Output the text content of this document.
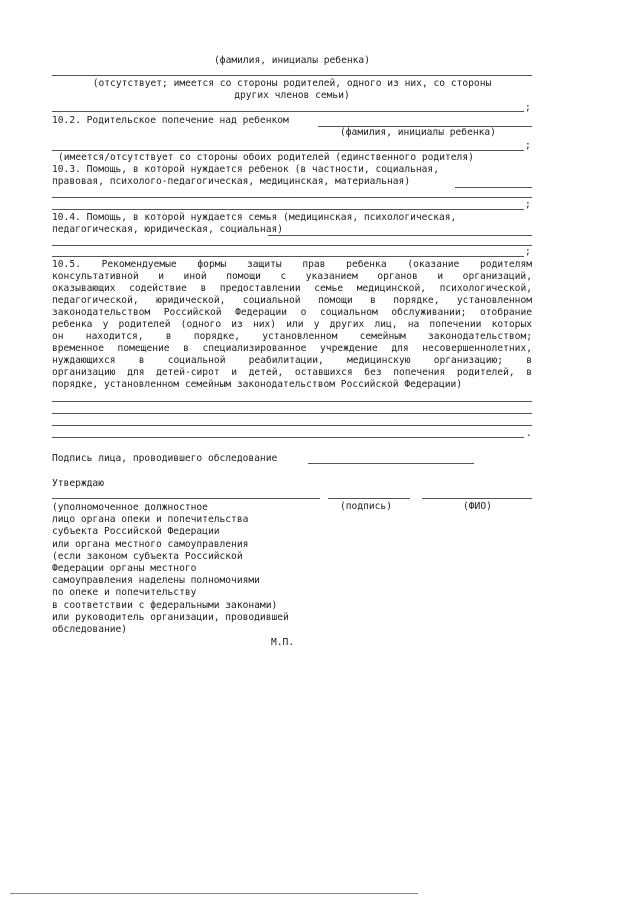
(фамилия, инициалы ребенка)
(отсутствует; имеется со стороны родителей, одного из них, со стороны
других членов семьи)
;
10.2. Родительское попечение над ребенком
(фамилия, инициалы ребенка)
;
(имеется/отсутствует со стороны обоих родителей (единственного родителя)
10.3. Помощь, в которой нуждается ребенок (в частности, социальная,
правовая, психолого-педагогическая, медицинская, материальная)
;
10.4. Помощь, в которой нуждается семья (медицинская, психологическая,
педагогическая, юридическая, социальная)
;
10.5. Рекомендуемые формы защиты прав ребенка (оказание родителям
консультативной и иной помощи с указанием органов и организаций,
оказывающих содействие в предоставлении семье медицинской, психологической,
педагогической, юридической, социальной помощи в порядке, установленном
законодательством Российской Федерации о социальном обслуживании; отобрание
ребенка у родителей (одного из них) или у других лиц, на попечении которых
он находится, в порядке, установленном семейным законодательством;
временное помещение в специализированное учреждение для несовершеннолетних,
нуждающихся в социальной реабилитации, медицинскую организацию; в
организацию для детей-сирот и детей, оставшихся без попечения родителей, в
порядке, установленном семейным законодательством Российской Федерации)
.
Подпись лица, проводившего обследование
Утверждаю
(подпись)	(ФИО)
(уполномоченное должностное
лицо органа опеки и попечительства
субъекта Российской Федерации
или органа местного самоуправления
(если законом субъекта Российской
Федерации органы местного
самоуправления наделены полномочиями
по опеке и попечительству
в соответствии с федеральными законами)
или руководитель организации, проводившей
обследование)
М.П.
